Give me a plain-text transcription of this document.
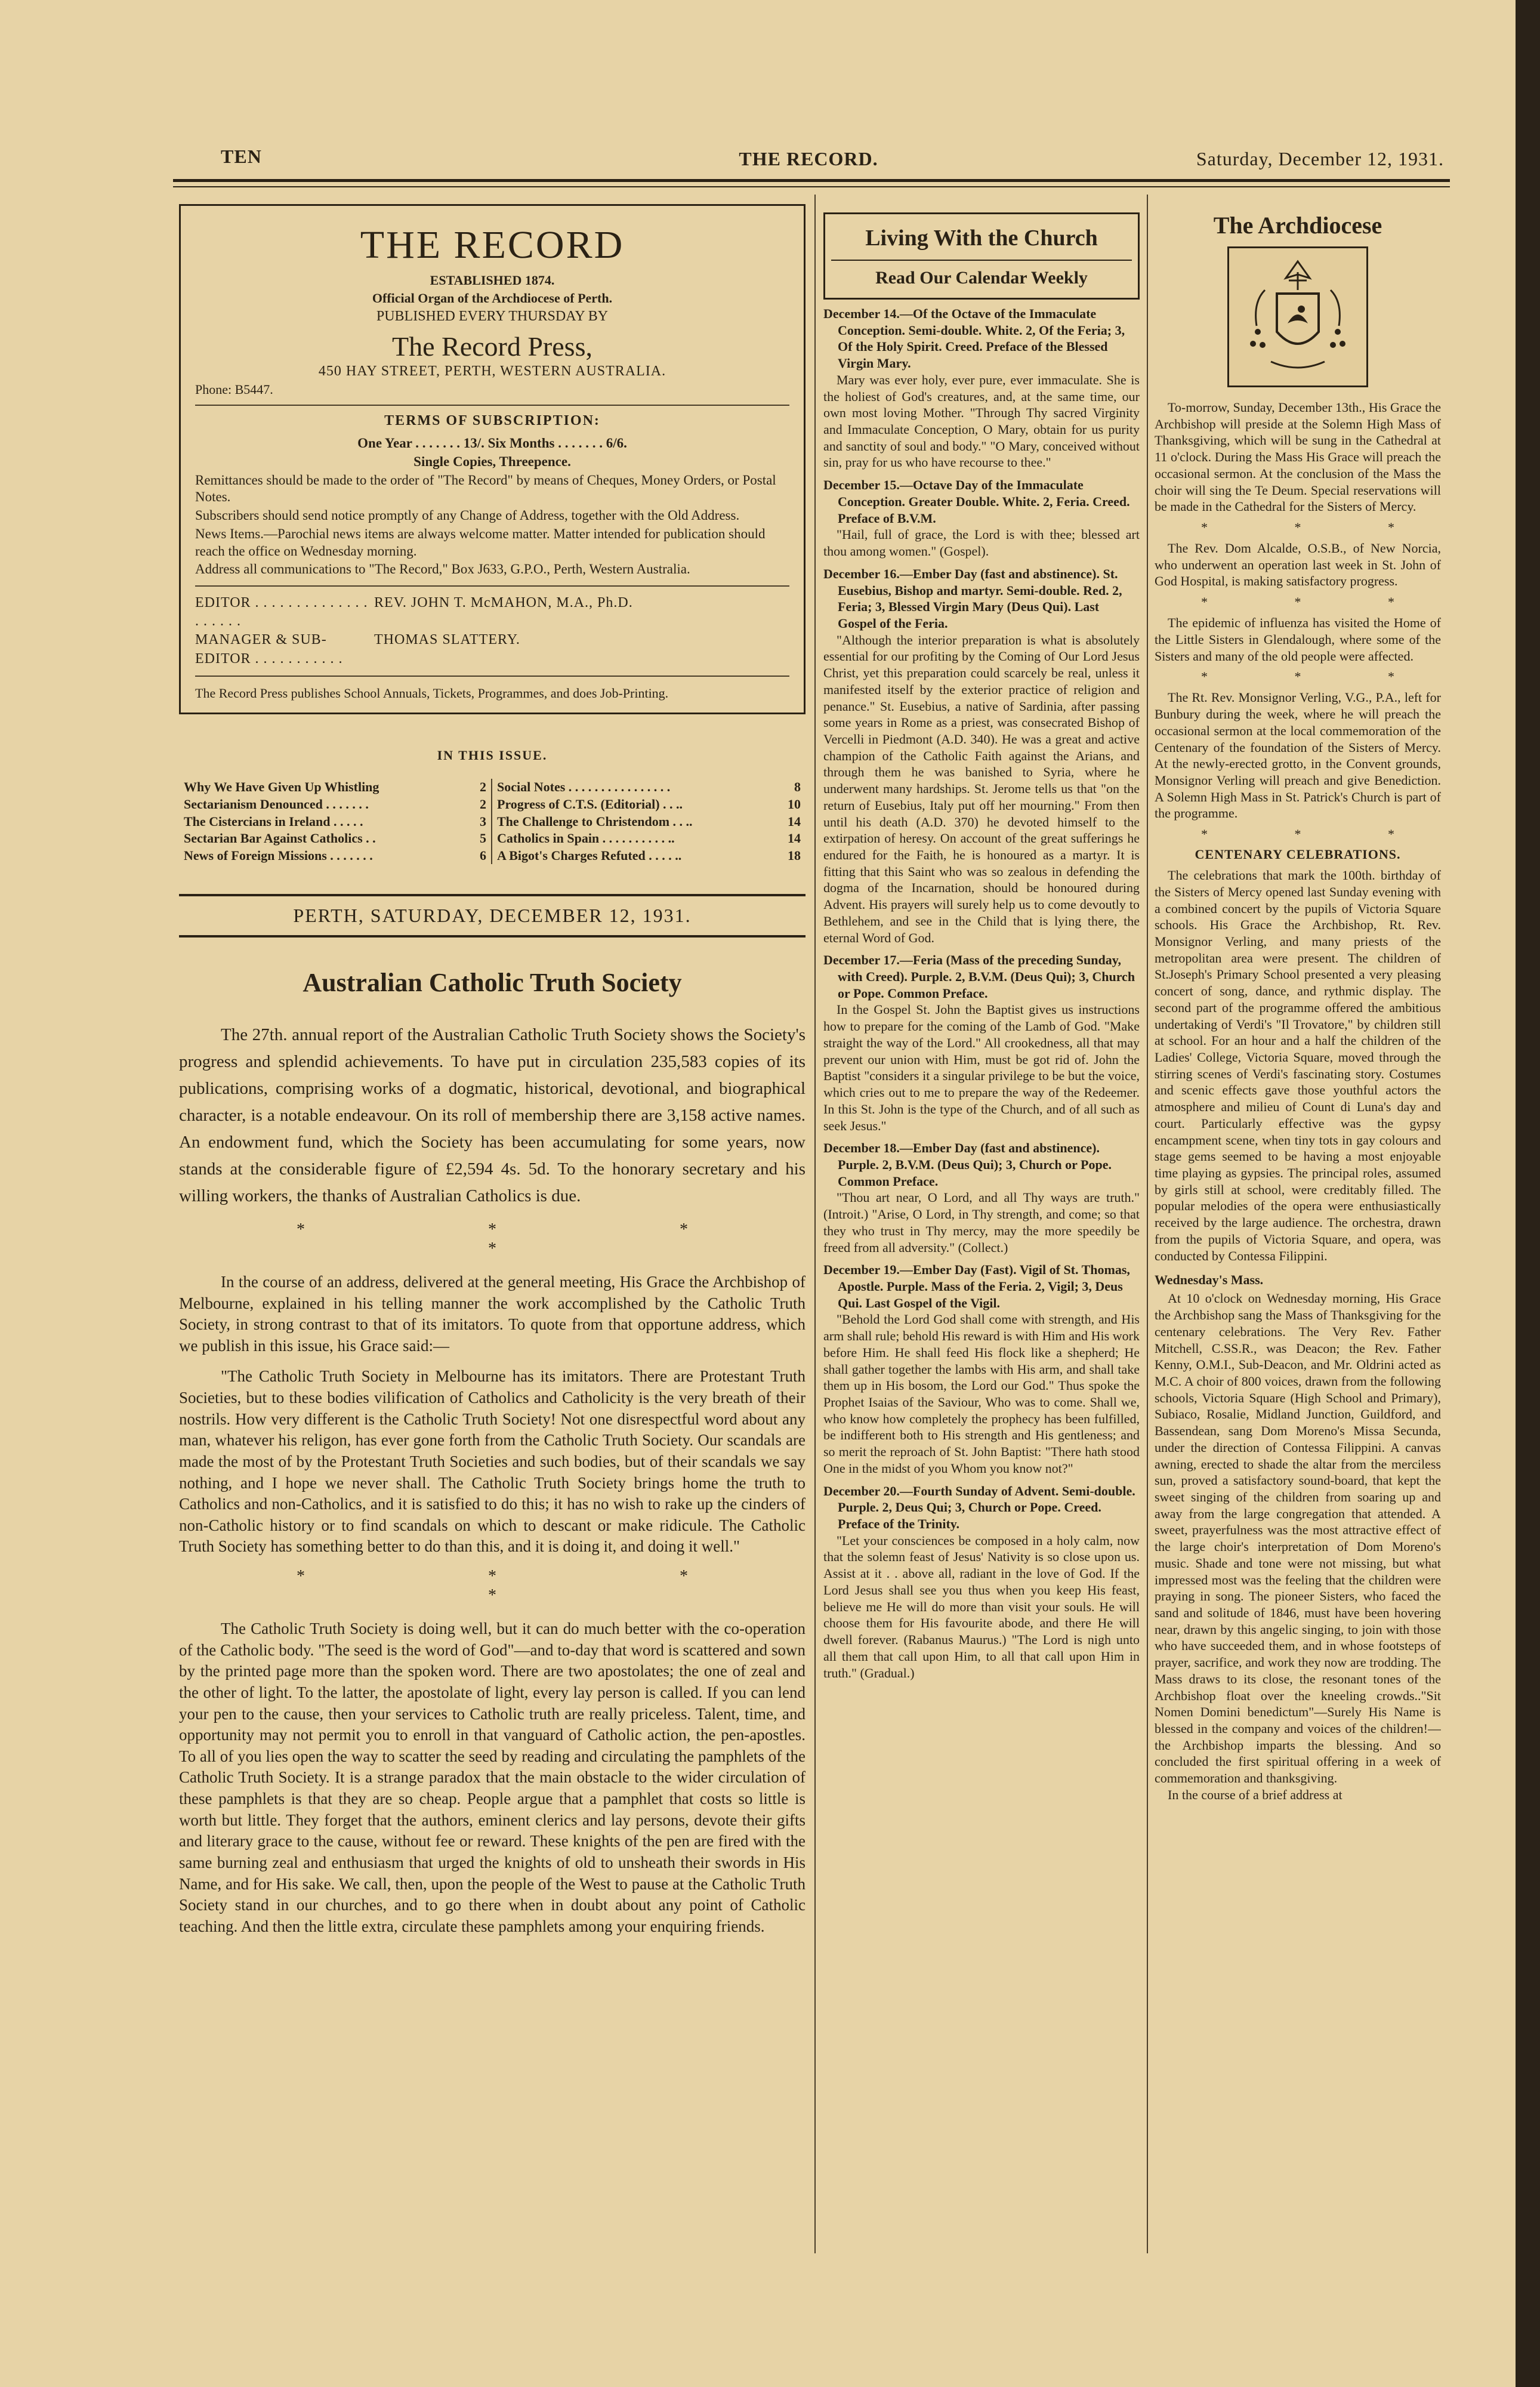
TEN	THE RECORD.	Saturday, December 12, 1931.
THE RECORD
ESTABLISHED 1874.
Official Organ of the Archdiocese of Perth.
PUBLISHED EVERY THURSDAY BY
The Record Press,
450 HAY STREET, PERTH, WESTERN AUSTRALIA.
Phone: B5447.
TERMS OF SUBSCRIPTION:
One Year . . . . . . . 13/. Six Months . . . . . . . 6/6.
Single Copies, Threepence.
Remittances should be made to the order of "The Record" by means of Cheques, Money Orders, or Postal Notes.
Subscribers should send notice promptly of any Change of Address, together with the Old Address.
News Items.—Parochial news items are always welcome matter. Matter intended for publication should reach the office on Wednesday morning.
Address all communications to "The Record," Box J633, G.P.O., Perth, Western Australia.
EDITOR . . . . . . . . . . . . . . . . . . . .
REV. JOHN T. McMAHON, M.A., Ph.D.
MANAGER & SUB-EDITOR . . . . . . . . . . .
THOMAS SLATTERY.
The Record Press publishes School Annuals, Tickets, Programmes, and does Job-Printing.
IN THIS ISSUE.
Why We Have Given Up Whistling	2
Sectarianism Denounced . . . . . . .	2
The Cistercians in Ireland . . . . .	3
Sectarian Bar Against Catholics . .	5
News of Foreign Missions . . . . . . .	6
Social Notes . . . . . . . . . . . . . . . .	8
Progress of C.T.S. (Editorial) . . ..	10
The Challenge to Christendom . . ..	14
Catholics in Spain . . . . . . . . . . ..	14
A Bigot's Charges Refuted . . . . ..	18
PERTH, SATURDAY, DECEMBER 12, 1931.
Australian Catholic Truth Society

The 27th. annual report of the Australian Catholic Truth Society shows the Society's progress and splendid achievements. To have put in circulation 235,583 copies of its publications, comprising works of a dogmatic, historical, devotional, and biographical character, is a notable endeavour. On its roll of membership there are 3,158 active names. An endowment fund, which the Society has been accumulating for some years, now stands at the considerable figure of £2,594 4s. 5d. To the honorary secretary and his willing workers, the thanks of Australian Catholics is due.

* * * *

In the course of an address, delivered at the general meeting, His Grace the Archbishop of Melbourne, explained in his telling manner the work accomplished by the Catholic Truth Society, in strong contrast to that of its imitators. To quote from that opportune address, which we publish in this issue, his Grace said:—

"The Catholic Truth Society in Melbourne has its imitators. There are Protestant Truth Societies, but to these bodies vilification of Catholics and Catholicity is the very breath of their nostrils. How very different is the Catholic Truth Society! Not one disrespectful word about any man, whatever his religon, has ever gone forth from the Catholic Truth Society. Our scandals are made the most of by the Protestant Truth Societies and such bodies, but of their scandals we say nothing, and I hope we never shall. The Catholic Truth Society brings home the truth to Catholics and non-Catholics, and it is satisfied to do this; it has no wish to rake up the cinders of non-Catholic history or to find scandals on which to descant or make ridicule. The Catholic Truth Society has something better to do than this, and it is doing it, and doing it well."

* * * *

The Catholic Truth Society is doing well, but it can do much better with the co-operation of the Catholic body. "The seed is the word of God"—and to-day that word is scattered and sown by the printed page more than the spoken word. There are two apostolates; the one of zeal and the other of light. To the latter, the apostolate of light, every lay person is called. If you can lend your pen to the cause, then your services to Catholic truth are really priceless. Talent, time, and opportunity may not permit you to enroll in that vanguard of Catholic action, the pen-apostles. To all of you lies open the way to scatter the seed by reading and circulating the pamphlets of the Catholic Truth Society. It is a strange paradox that the main obstacle to the wider circulation of these pamphlets is that they are so cheap. People argue that a pamphlet that costs so little is worth but little. They forget that the authors, eminent clerics and lay persons, devote their gifts and literary grace to the cause, without fee or reward. These knights of the pen are fired with the same burning zeal and enthusiasm that urged the knights of old to unsheath their swords in His Name, and for His sake. We call, then, upon the people of the West to pause at the Catholic Truth Society stand in our churches, and to go there when in doubt about any point of Catholic teaching. And then the little extra, circulate these pamphlets among your enquiring friends.

Living With the Church
Read Our Calendar Weekly
December 14.—Of the Octave of the Immaculate Conception. Semi-double. White. 2, Of the Feria; 3, Of the Holy Spirit. Creed. Preface of the Blessed Virgin Mary.

Mary was ever holy, ever pure, ever immaculate. She is the holiest of God's creatures, and, at the same time, our own most loving Mother. "Through Thy sacred Virginity and Immaculate Conception, O Mary, obtain for us purity and sanctity of soul and body." "O Mary, conceived without sin, pray for us who have recourse to thee."

December 15.—Octave Day of the Immaculate Conception. Greater Double. White. 2, Feria. Creed. Preface of B.V.M.

"Hail, full of grace, the Lord is with thee; blessed art thou among women." (Gospel).

December 16.—Ember Day (fast and abstinence). St. Eusebius, Bishop and martyr. Semi-double. Red. 2, Feria; 3, Blessed Virgin Mary (Deus Qui). Last Gospel of the Feria.

"Although the interior preparation is what is absolutely essential for our profiting by the Coming of Our Lord Jesus Christ, yet this preparation could scarcely be real, unless it manifested itself by the exterior practice of religion and penance." St. Eusebius, a native of Sardinia, after passing some years in Rome as a priest, was consecrated Bishop of Vercelli in Piedmont (A.D. 340). He was a great and active champion of the Catholic Faith against the Arians, and through them he was banished to Syria, where he underwent many hardships. St. Jerome tells us that "on the return of Eusebius, Italy put off her mourning." From then until his death (A.D. 370) he devoted himself to the extirpation of heresy. On account of the great sufferings he endured for the Faith, he is honoured as a martyr. It is fitting that this Saint who was so zealous in defending the dogma of the Incarnation, should be honoured during Advent. His prayers will surely help us to come devoutly to Bethlehem, and see in the Child that is lying there, the eternal Word of God.

December 17.—Feria (Mass of the preceding Sunday, with Creed). Purple. 2, B.V.M. (Deus Qui); 3, Church or Pope. Common Preface.

In the Gospel St. John the Baptist gives us instructions how to prepare for the coming of the Lamb of God. "Make straight the way of the Lord." All crookedness, all that may prevent our union with Him, must be got rid of. John the Baptist "considers it a singular privilege to be but the voice, which cries out to me to prepare the way of the Redeemer. In this St. John is the type of the Church, and of all such as seek Jesus."

December 18.—Ember Day (fast and abstinence). Purple. 2, B.V.M. (Deus Qui); 3, Church or Pope. Common Preface.

"Thou art near, O Lord, and all Thy ways are truth." (Introit.) "Arise, O Lord, in Thy strength, and come; so that they who trust in Thy mercy, may the more speedily be freed from all adversity." (Collect.)

December 19.—Ember Day (Fast). Vigil of St. Thomas, Apostle. Purple. Mass of the Feria. 2, Vigil; 3, Deus Qui. Last Gospel of the Vigil.

"Behold the Lord God shall come with strength, and His arm shall rule; behold His reward is with Him and His work before Him. He shall feed His flock like a shepherd; He shall gather together the lambs with His arm, and shall take them up in His bosom, the Lord our God." Thus spoke the Prophet Isaias of the Saviour, Who was to come. Shall we, who know how completely the prophecy has been fulfilled, be indifferent both to His strength and His gentleness; and so merit the reproach of St. John Baptist: "There hath stood One in the midst of you Whom you know not?"

December 20.—Fourth Sunday of Advent. Semi-double. Purple. 2, Deus Qui; 3, Church or Pope. Creed. Preface of the Trinity.

"Let your consciences be composed in a holy calm, now that the solemn feast of Jesus' Nativity is so close upon us. Assist at it . . above all, radiant in the love of God. If the Lord Jesus shall see you thus when you keep His feast, believe me He will do more than visit your souls. He will choose them for His favourite abode, and there He will dwell forever. (Rabanus Maurus.) "The Lord is nigh unto all them that call upon Him, to all that call upon Him in truth." (Gradual.)

The Archdiocese

To-morrow, Sunday, December 13th., His Grace the Archbishop will preside at the Solemn High Mass of Thanksgiving, which will be sung in the Cathedral at 11 o'clock. During the Mass His Grace will preach the occasional sermon. At the conclusion of the Mass the choir will sing the Te Deum. Special reservations will be made in the Cathedral for the Sisters of Mercy.

* * *

The Rev. Dom Alcalde, O.S.B., of New Norcia, who underwent an operation last week in St. John of God Hospital, is making satisfactory progress.

* * *

The epidemic of influenza has visited the Home of the Little Sisters in Glendalough, where some of the Sisters and many of the old people were affected.

* * *

The Rt. Rev. Monsignor Verling, V.G., P.A., left for Bunbury during the week, where he will preach the occasional sermon at the local commemoration of the Centenary of the foundation of the Sisters of Mercy. At the newly-erected grotto, in the Convent grounds, Monsignor Verling will preach and give Benediction. A Solemn High Mass in St. Patrick's Church is part of the programme.

* * *
CENTENARY CELEBRATIONS.

The celebrations that mark the 100th. birthday of the Sisters of Mercy opened last Sunday evening with a combined concert by the pupils of Victoria Square schools. His Grace the Archbishop, Rt. Rev. Monsignor Verling, and many priests of the metropolitan area were present. The children of St.Joseph's Primary School presented a very pleasing concert of song, dance, and rythmic display. The second part of the programme offered the ambitious undertaking of Verdi's "Il Trovatore," by children still at school. For an hour and a half the children of the Ladies' College, Victoria Square, moved through the stirring scenes of Verdi's fascinating story. Costumes and scenic effects gave those youthful actors the atmosphere and milieu of Count di Luna's day and court. Particularly effective was the gypsy encampment scene, when tiny tots in gay colours and stage gems seemed to be having a most enjoyable time playing as gypsies. The principal roles, assumed by girls still at school, were creditably filled. The popular melodies of the opera were enthusiastically received by the large audience. The orchestra, drawn from the pupils of Victoria Square, and opera, was conducted by Contessa Filippini.

Wednesday's Mass.

At 10 o'clock on Wednesday morning, His Grace the Archbishop sang the Mass of Thanksgiving for the centenary celebrations. The Very Rev. Father Mitchell, C.SS.R., was Deacon; the Rev. Father Kenny, O.M.I., Sub-Deacon, and Mr. Oldrini acted as M.C. A choir of 800 voices, drawn from the following schools, Victoria Square (High School and Primary), Subiaco, Rosalie, Midland Junction, Guildford, and Bassendean, sang Dom Moreno's Missa Secunda, under the direction of Contessa Filippini. A canvas awning, erected to shade the altar from the merciless sun, proved a satisfactory sound-board, that kept the sweet singing of the children from soaring up and away from the large congregation that attended. A sweet, prayerfulness was the most attractive effect of the large choir's interpretation of Dom Moreno's music. Shade and tone were not missing, but what impressed most was the feeling that the children were praying in song. The pioneer Sisters, who faced the sand and solitude of 1846, must have been hovering near, drawn by this angelic singing, to join with those who have succeeded them, and in whose footsteps of prayer, sacrifice, and work they now are trodding. The Mass draws to its close, the resonant tones of the Archbishop float over the kneeling crowds.."Sit Nomen Domini benedictum"—Surely His Name is blessed in the company and voices of the children!—the Archbishop imparts the blessing. And so concluded the first spiritual offering in a week of commemoration and thanksgiving.

In the course of a brief address at
